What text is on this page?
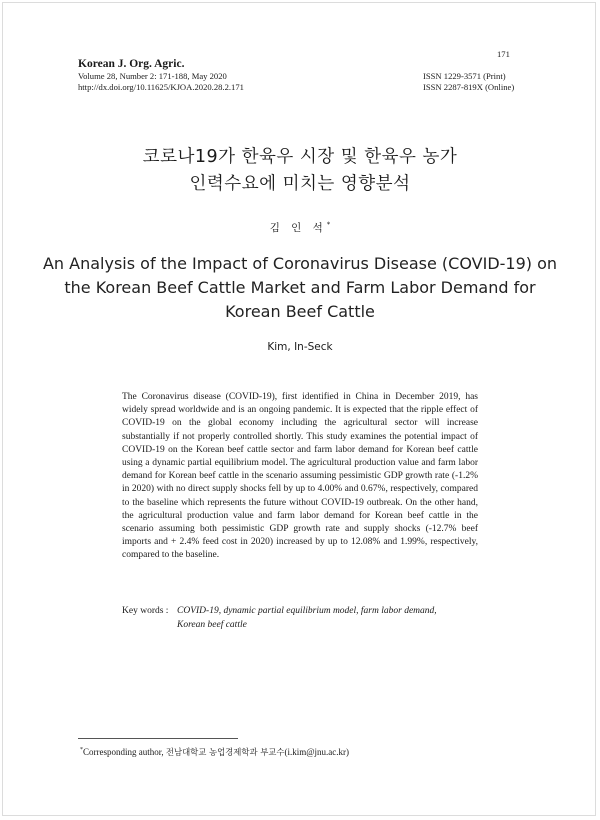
Korean J. Org. Agric.
Volume 28, Number 2: 171-188, May 2020
http://dx.doi.org/10.11625/KJOA.2020.28.2.171
171
ISSN 1229-3571 (Print)
ISSN 2287-819X (Online)
코로나19가 한육우 시장 및 한육우 농가
인력수요에 미치는 영향분석
김 인 석*
An Analysis of the Impact of Coronavirus Disease (COVID-19) on
the Korean Beef Cattle Market and Farm Labor Demand for
Korean Beef Cattle
Kim, In-Seck
The Coronavirus disease (COVID-19), first identified in China in December 2019, has widely spread worldwide and is an ongoing pandemic. It is expected that the ripple effect of COVID-19 on the global economy including the agricultural sector will increase substantially if not properly controlled shortly. This study examines the potential impact of COVID-19 on the Korean beef cattle sector and farm labor demand for Korean beef cattle using a dynamic partial equilibrium model. The agricultural production value and farm labor demand for Korean beef cattle in the scenario assuming pessimistic GDP growth rate (-1.2% in 2020) with no direct supply shocks fell by up to 4.00% and 0.67%, respectively, compared to the baseline which represents the future without COVID-19 outbreak. On the other hand, the agricultural production value and farm labor demand for Korean beef cattle in the scenario assuming both pessimistic GDP growth rate and supply shocks (-12.7% beef imports and + 2.4% feed cost in 2020) increased by up to 12.08% and 1.99%, respectively, compared to the baseline.
Key words : COVID-19, dynamic partial equilibrium model, farm labor demand,
Korean beef cattle
*Corresponding author, 전남대학교 농업경제학과 부교수(i.kim@jnu.ac.kr)
